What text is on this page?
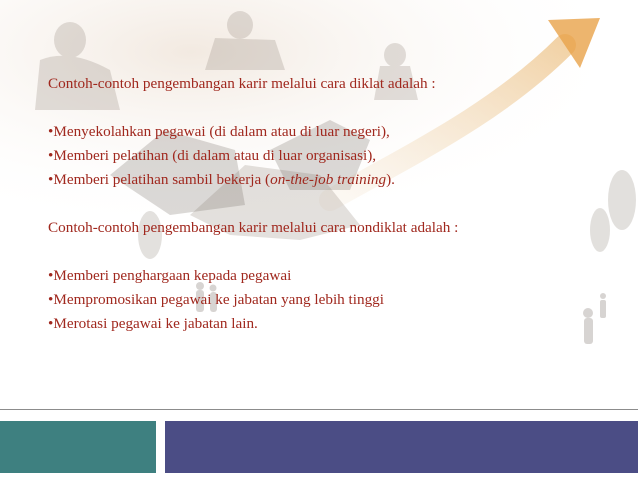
Contoh-contoh pengembangan karir melalui cara diklat adalah :

•Menyekolahkan pegawai (di dalam atau di luar negeri),

•Memberi pelatihan (di dalam atau di luar organisasi),

•Memberi pelatihan sambil bekerja (on-the-job training).

Contoh-contoh pengembangan karir melalui cara nondiklat adalah :

•Memberi penghargaan kepada pegawai

•Mempromosikan pegawai ke jabatan yang lebih tinggi

•Merotasi pegawai ke jabatan lain.
